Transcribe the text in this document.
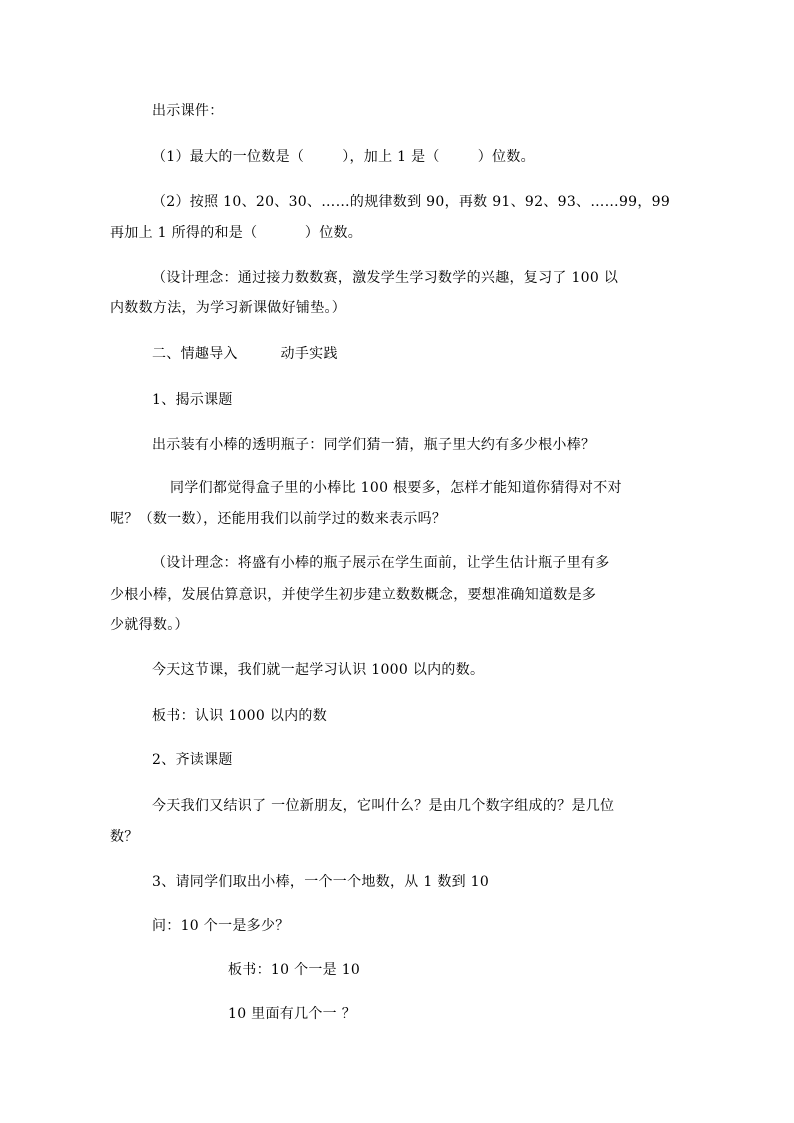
出示课件：

（1）最大的一位数是（        ），加上 1 是（        ）位数。

（2）按照 10、20、30、……的规律数到 90，再数 91、92、93、……99，99

再加上 1 所得的和是（          ）位数。

（设计理念：通过接力数数赛，激发学生学习数学的兴趣，复习了 100 以

内数数方法，为学习新课做好铺垫。）

二、情趣导入         动手实践

1、揭示课题

出示装有小棒的透明瓶子：同学们猜一猜，瓶子里大约有多少根小棒？

同学们都觉得盒子里的小棒比 100 根要多，怎样才能知道你猜得对不对

呢？（数一数），还能用我们以前学过的数来表示吗？

（设计理念：将盛有小棒的瓶子展示在学生面前，让学生估计瓶子里有多

少根小棒，发展估算意识，并使学生初步建立数数概念，要想准确知道数是多

少就得数。）

今天这节课，我们就一起学习认识 1000 以内的数。

板书：认识 1000 以内的数

2、齐读课题

今天我们又结识了 一位新朋友，它叫什么？是由几个数字组成的？是几位

数？

3、请同学们取出小棒，一个一个地数，从 1 数到 10

问：10 个一是多少？

板书：10 个一是 10

10 里面有几个一 ？
